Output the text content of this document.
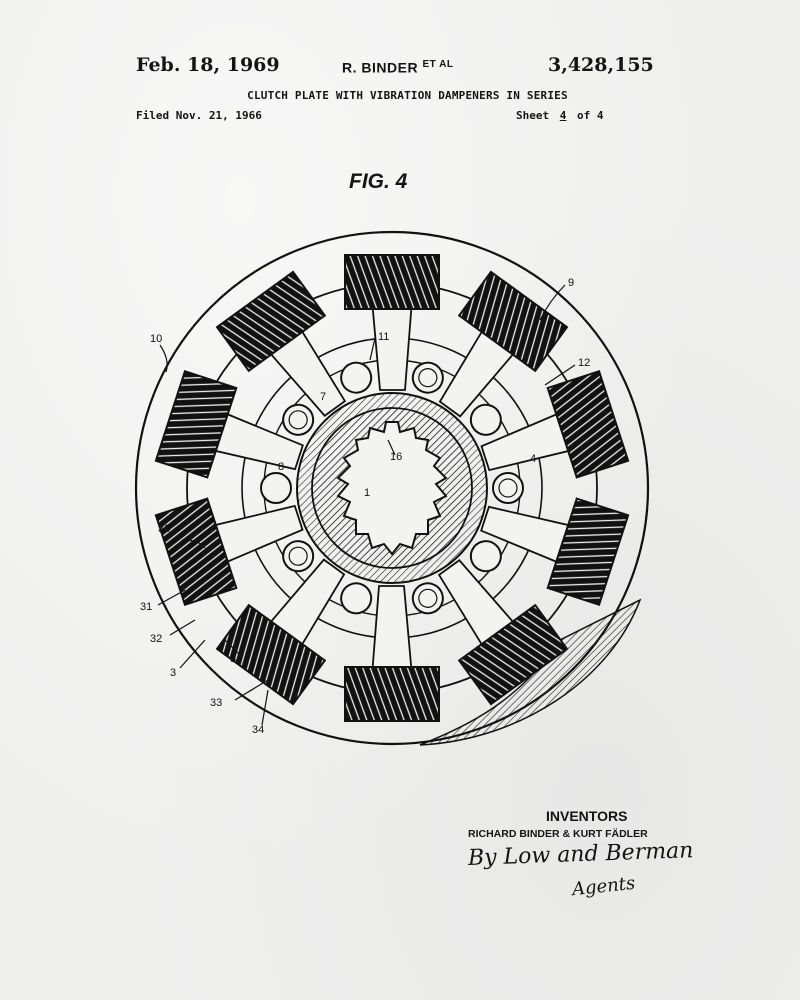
Feb. 18, 1969	R. BINDER $^{ET AL}$	3,428,155
CLUTCH PLATE WITH VIBRATION DAMPENERS IN SERIES
Filed Nov. 21, 1966	Sheet 4 of 4
FIG. 4
10
9
11
12
7
16
8
4
1
33
31
32
3
34
33
34
INVENTORS
RICHARD BINDER & KURT FÄDLER
By Low and Berman
Agents
